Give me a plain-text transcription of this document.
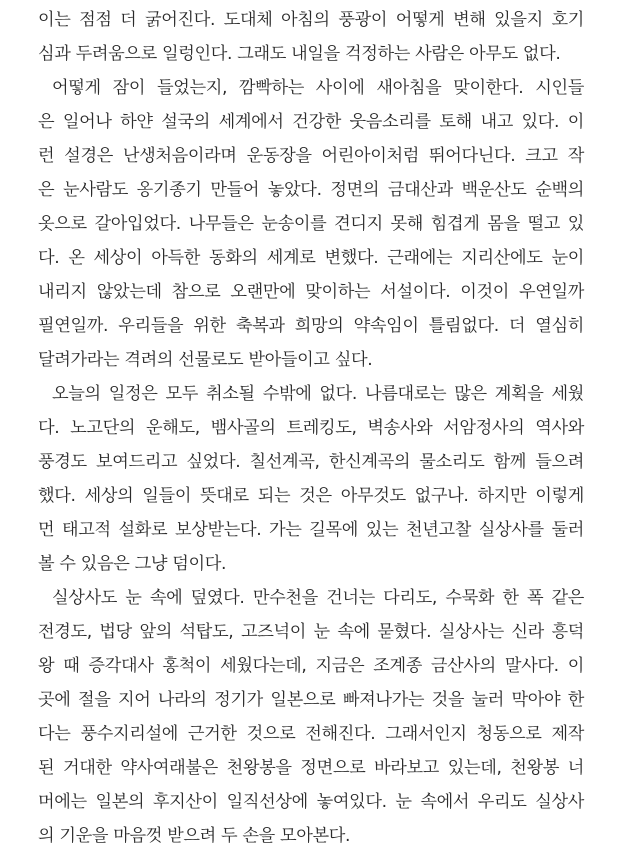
이는 점점 더 굵어진다. 도대체 아침의 풍광이 어떻게 변해 있을지 호기
심과 두려움으로 일렁인다. 그래도 내일을 걱정하는 사람은 아무도 없다.
어떻게 잠이 들었는지, 깜빡하는 사이에 새아침을 맞이한다. 시인들
은 일어나 하얀 설국의 세계에서 건강한 웃음소리를 토해 내고 있다. 이
런 설경은 난생처음이라며 운동장을 어린아이처럼 뛰어다닌다. 크고 작
은 눈사람도 옹기종기 만들어 놓았다. 정면의 금대산과 백운산도 순백의
옷으로 갈아입었다. 나무들은 눈송이를 견디지 못해 힘겹게 몸을 떨고 있
다. 온 세상이 아득한 동화의 세계로 변했다. 근래에는 지리산에도 눈이
내리지 않았는데 참으로 오랜만에 맞이하는 서설이다. 이것이 우연일까
필연일까. 우리들을 위한 축복과 희망의 약속임이 틀림없다. 더 열심히
달려가라는 격려의 선물로도 받아들이고 싶다.
오늘의 일정은 모두 취소될 수밖에 없다. 나름대로는 많은 계획을 세웠
다. 노고단의 운해도, 뱀사골의 트레킹도, 벽송사와 서암정사의 역사와
풍경도 보여드리고 싶었다. 칠선계곡, 한신계곡의 물소리도 함께 들으려
했다. 세상의 일들이 뜻대로 되는 것은 아무것도 없구나. 하지만 이렇게
먼 태고적 설화로 보상받는다. 가는 길목에 있는 천년고찰 실상사를 둘러
볼 수 있음은 그냥 덤이다.
실상사도 눈 속에 덮였다. 만수천을 건너는 다리도, 수묵화 한 폭 같은
전경도, 법당 앞의 석탑도, 고즈넉이 눈 속에 묻혔다. 실상사는 신라 흥덕
왕 때 증각대사 홍척이 세웠다는데, 지금은 조계종 금산사의 말사다. 이
곳에 절을 지어 나라의 정기가 일본으로 빠져나가는 것을 눌러 막아야 한
다는 풍수지리설에 근거한 것으로 전해진다. 그래서인지 청동으로 제작
된 거대한 약사여래불은 천왕봉을 정면으로 바라보고 있는데, 천왕봉 너
머에는 일본의 후지산이 일직선상에 놓여있다. 눈 속에서 우리도 실상사
의 기운을 마음껏 받으려 두 손을 모아본다.
